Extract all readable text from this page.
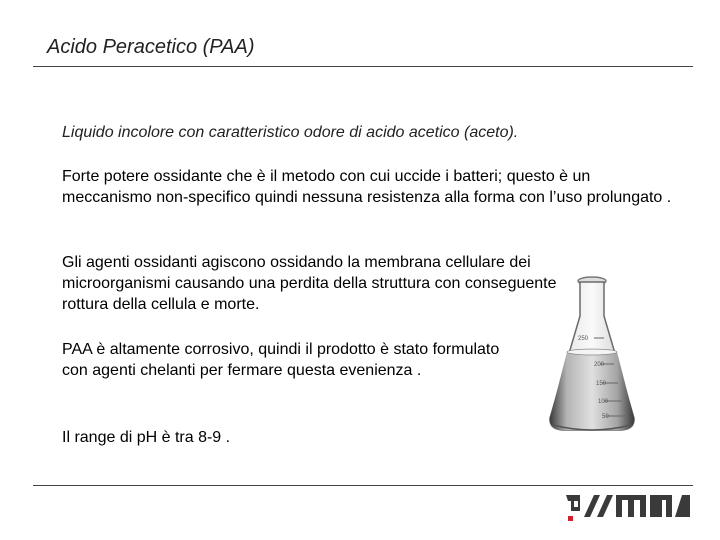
Acido Peracetico (PAA)
Liquido incolore con caratteristico odore di acido acetico (aceto).
Forte potere ossidante che è il metodo con cui uccide i batteri; questo è un meccanismo non-specifico quindi nessuna resistenza alla forma con l’uso prolungato .
Gli agenti ossidanti agiscono ossidando la membrana cellulare dei microorganismi causando una perdita della struttura con conseguente rottura della cellula e morte.
PAA è altamente corrosivo, quindi il prodotto è stato formulato con agenti chelanti per fermare questa evenienza .
Il range di pH è tra 8-9 .
250
200
150
100
50
